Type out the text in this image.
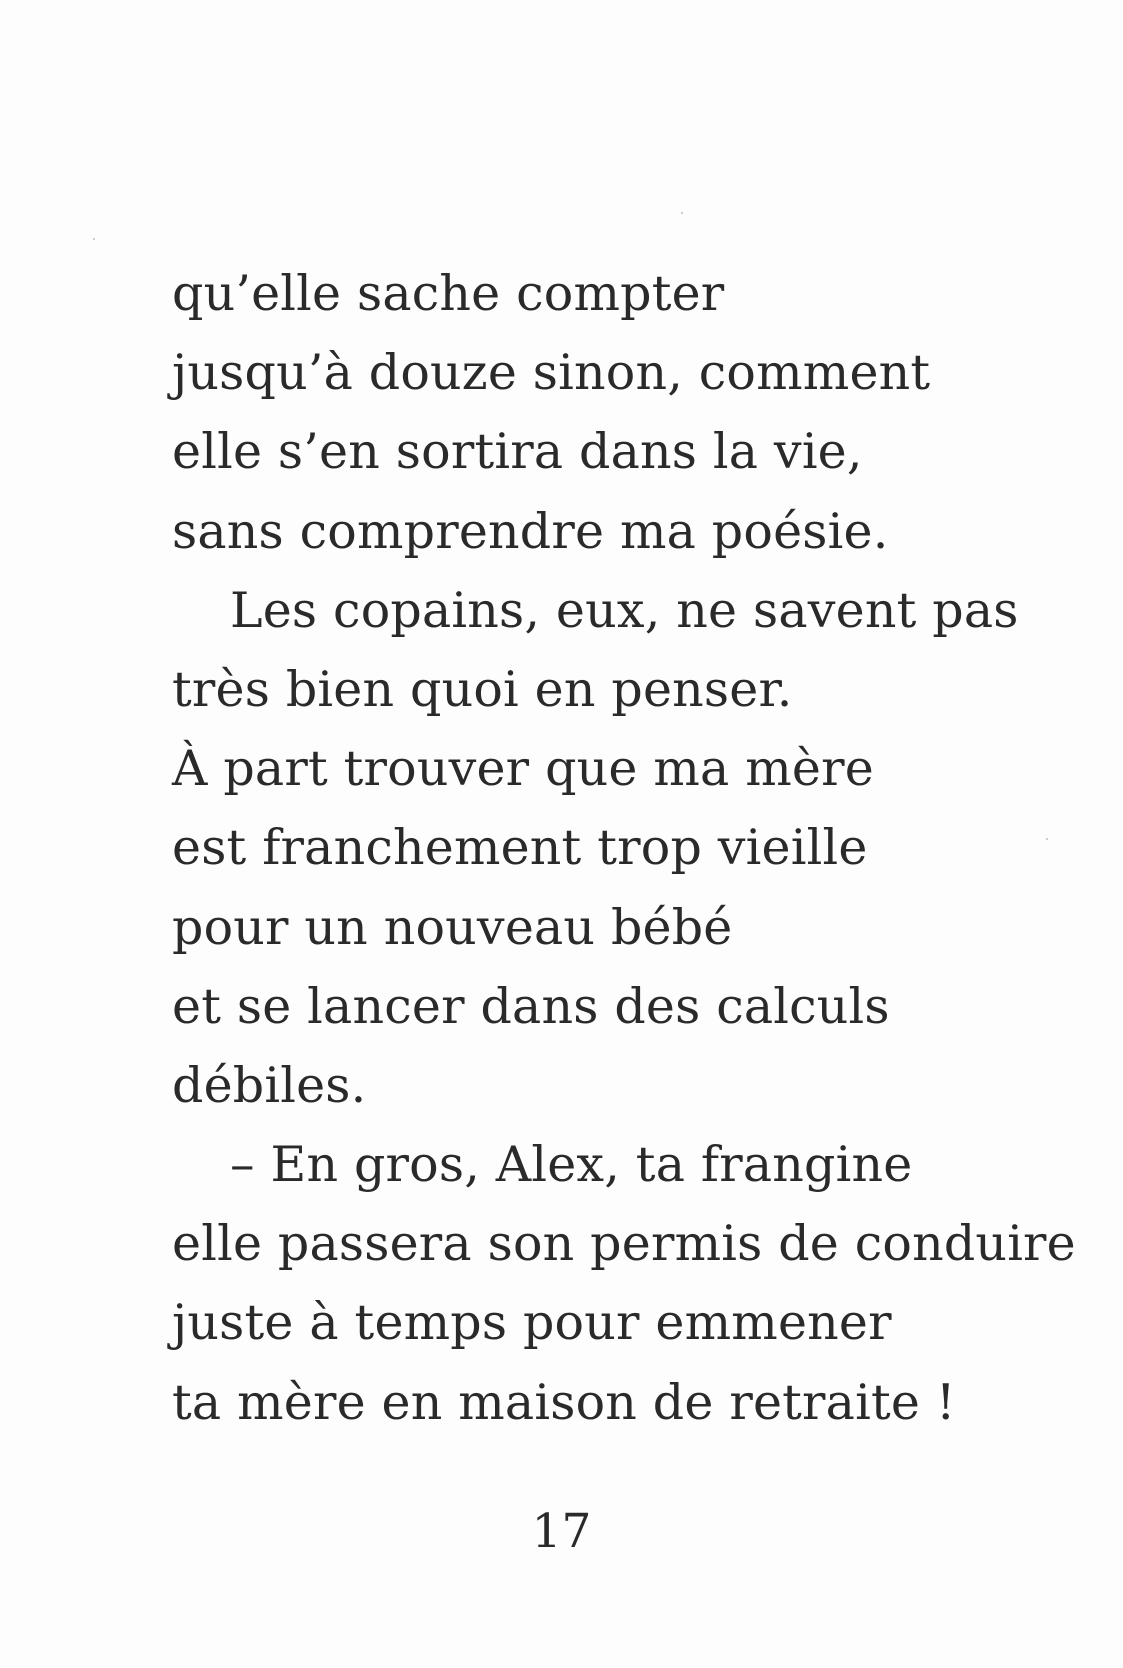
qu’elle sache compter
jusqu’à douze sinon, comment
elle s’en sortira dans la vie,
sans comprendre ma poésie.
Les copains, eux, ne savent pas
très bien quoi en penser.
À part trouver que ma mère
est franchement trop vieille
pour un nouveau bébé
et se lancer dans des calculs
débiles.
– En gros, Alex, ta frangine
elle passera son permis de conduire
juste à temps pour emmener
ta mère en maison de retraite !
17
